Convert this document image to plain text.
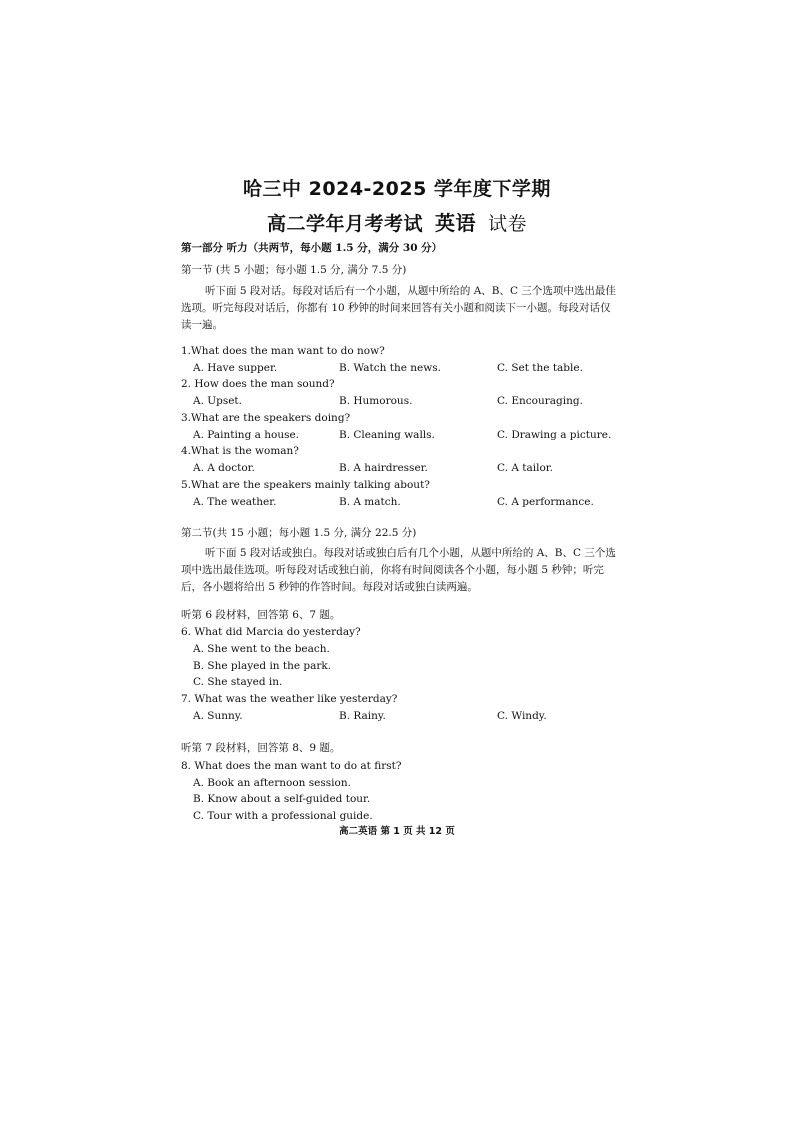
哈三中 2024-2025 学年度下学期
高二学年月考考试 英语 试卷
第一部分 听力（共两节，每小题 1.5 分，满分 30 分）
第一节 (共 5 小题；每小题 1.5 分, 满分 7.5 分)
听下面 5 段对话。每段对话后有一个小题，从题中所给的 A、B、C 三个选项中选出最佳选项。听完每段对话后，你都有 10 秒钟的时间来回答有关小题和阅读下一小题。每段对话仅读一遍。
1.What does the man want to do now?
A. Have supper.	B. Watch the news.	C. Set the table.
2. How does the man sound?
A. Upset.	B. Humorous.	C. Encouraging.
3.What are the speakers doing?
A. Painting a house.	B. Cleaning walls.	C. Drawing a picture.
4.What is the woman?
A. A doctor.	B. A hairdresser.	C. A tailor.
5.What are the speakers mainly talking about?
A. The weather.	B. A match.	C. A performance.
第二节(共 15 小题；每小题 1.5 分, 满分 22.5 分)
听下面 5 段对话或独白。每段对话或独白后有几个小题，从题中所给的 A、B、C 三个选项中选出最佳选项。听每段对话或独白前，你将有时间阅读各个小题，每小题 5 秒钟；听完后，各小题将给出 5 秒钟的作答时间。每段对话或独白读两遍。
听第 6 段材料，回答第 6、7 题。
6. What did Marcia do yesterday?
A. She went to the beach.
B. She played in the park.
C. She stayed in.
7. What was the weather like yesterday?
A. Sunny.	B. Rainy.	C. Windy.
听第 7 段材料，回答第 8、9 题。
8. What does the man want to do at first?
A. Book an afternoon session.
B. Know about a self-guided tour.
C. Tour with a professional guide.
高二英语 第 1 页 共 12 页
